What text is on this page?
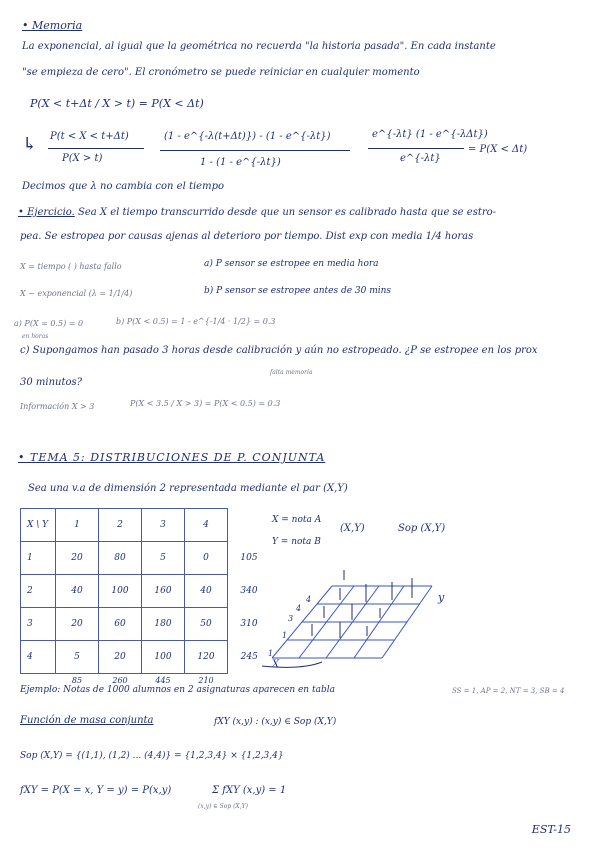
• Memoria
La exponencial, al igual que la geométrica no recuerda "la historia pasada". En cada instante
"se empieza de cero". El cronómetro se puede reiniciar en cualquier momento
P(X < t+Δt / X > t) = P(X < Δt)
↳ P(t < X < t+Δt)
P(X > t)
(1 - e^{-λ(t+Δt)}) - (1 - e^{-λt})
1 - (1 - e^{-λt})
e^{-λt} (1 - e^{-λΔt})
e^{-λt}
= P(X < Δt)
Decimos que λ no cambia con el tiempo
• Ejercicio. Sea X el tiempo transcurrido desde que un sensor es calibrado hasta que se estro-
pea. Se estropea por causas ajenas al deterioro por tiempo. Dist exp con media 1/4 horas
X = tiempo ( ) hasta fallo	a) P sensor se estropee en media hora
X ~ exponencial (λ = 1/1/4)	b) P sensor se estropee antes de 30 mins
a) P(X = 0.5) = 0	b) P(X < 0.5) = 1 - e^{-1/4 · 1/2} = 0.3
en horas
c) Supongamos han pasado 3 horas desde calibración y aún no estropeado. ¿P se estropee en los prox
falta memoria
30 minutos?
Información X > 3	P(X < 3.5 / X > 3) = P(X < 0.5) = 0.3
• TEMA 5: DISTRIBUCIONES DE P. CONJUNTA
Sea una v.a de dimensión 2 representada mediante el par (X,Y)
X \ Y	1	2	3	4	
1	20	80	5	0	105
2	40	100	160	40	340
3	20	60	180	50	310
4	5	20	100	120	245
	85	260	445	210	
X = nota A
Y = nota B
(X,Y)	Sop (X,Y)
1
4
1
3
4
X
y
Ejemplo: Notas de 1000 alumnos en 2 asignaturas aparecen en tabla	SS = 1, AP = 2, NT = 3, SB = 4
Función de masa conjunta	fXY (x,y) : (x,y) ∈ Sop (X,Y)
Sop (X,Y) = {(1,1), (1,2) ... (4,4)} = {1,2,3,4} × {1,2,3,4}
fXY = P(X = x, Y = y) = P(x,y)	Σ fXY (x,y) = 1
(x,y) ∈ Sop (X,Y)
EST-15
